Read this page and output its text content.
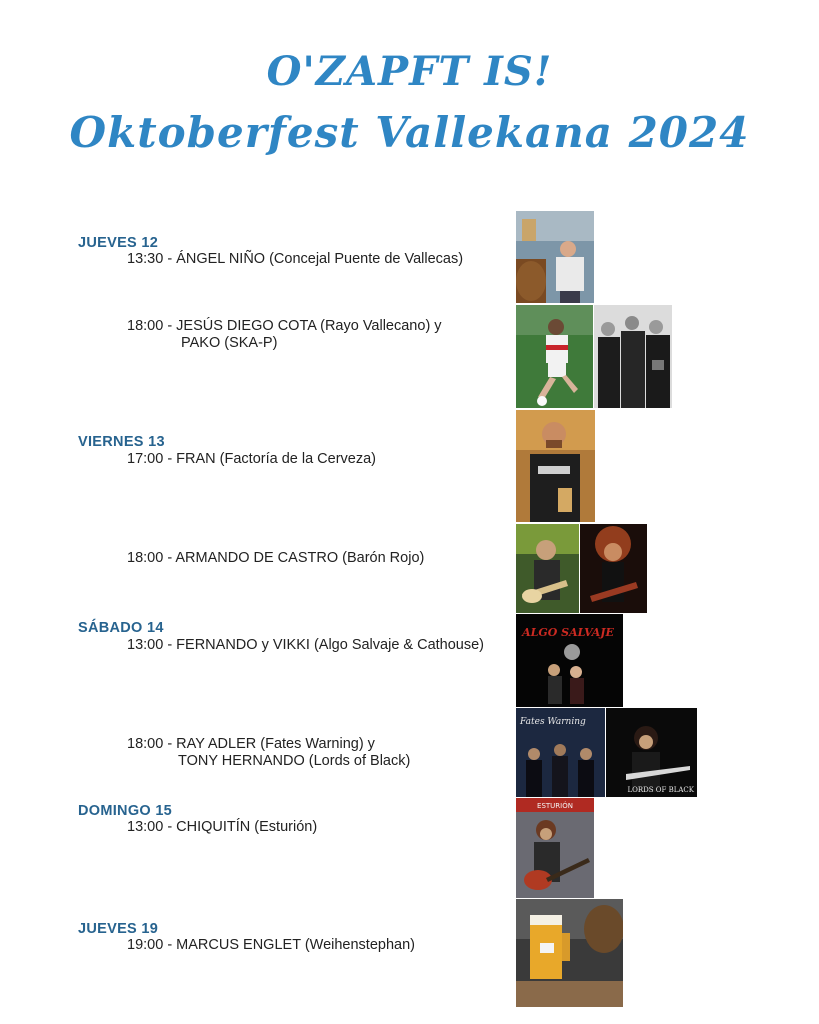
O'ZAPFT IS!
Oktoberfest Vallekana 2024
JUEVES 12
VIERNES 13
SÁBADO 14
DOMINGO 15
JUEVES 19
13:30 - ÁNGEL NIÑO (Concejal Puente de Vallecas)
18:00 - JESÚS DIEGO COTA (Rayo Vallecano) y
PAKO (SKA-P)
17:00 - FRAN (Factoría de la Cerveza)
18:00 - ARMANDO DE CASTRO (Barón Rojo)
13:00 - FERNANDO y VIKKI (Algo Salvaje & Cathouse)
18:00 - RAY ADLER (Fates Warning) y
TONY HERNANDO (Lords of Black)
13:00 - CHIQUITÍN (Esturión)
19:00 - MARCUS ENGLET (Weihenstephan)
ALGO SALVAJE
Fates Warning
LORDS OF BLACK
ESTURIÓN
